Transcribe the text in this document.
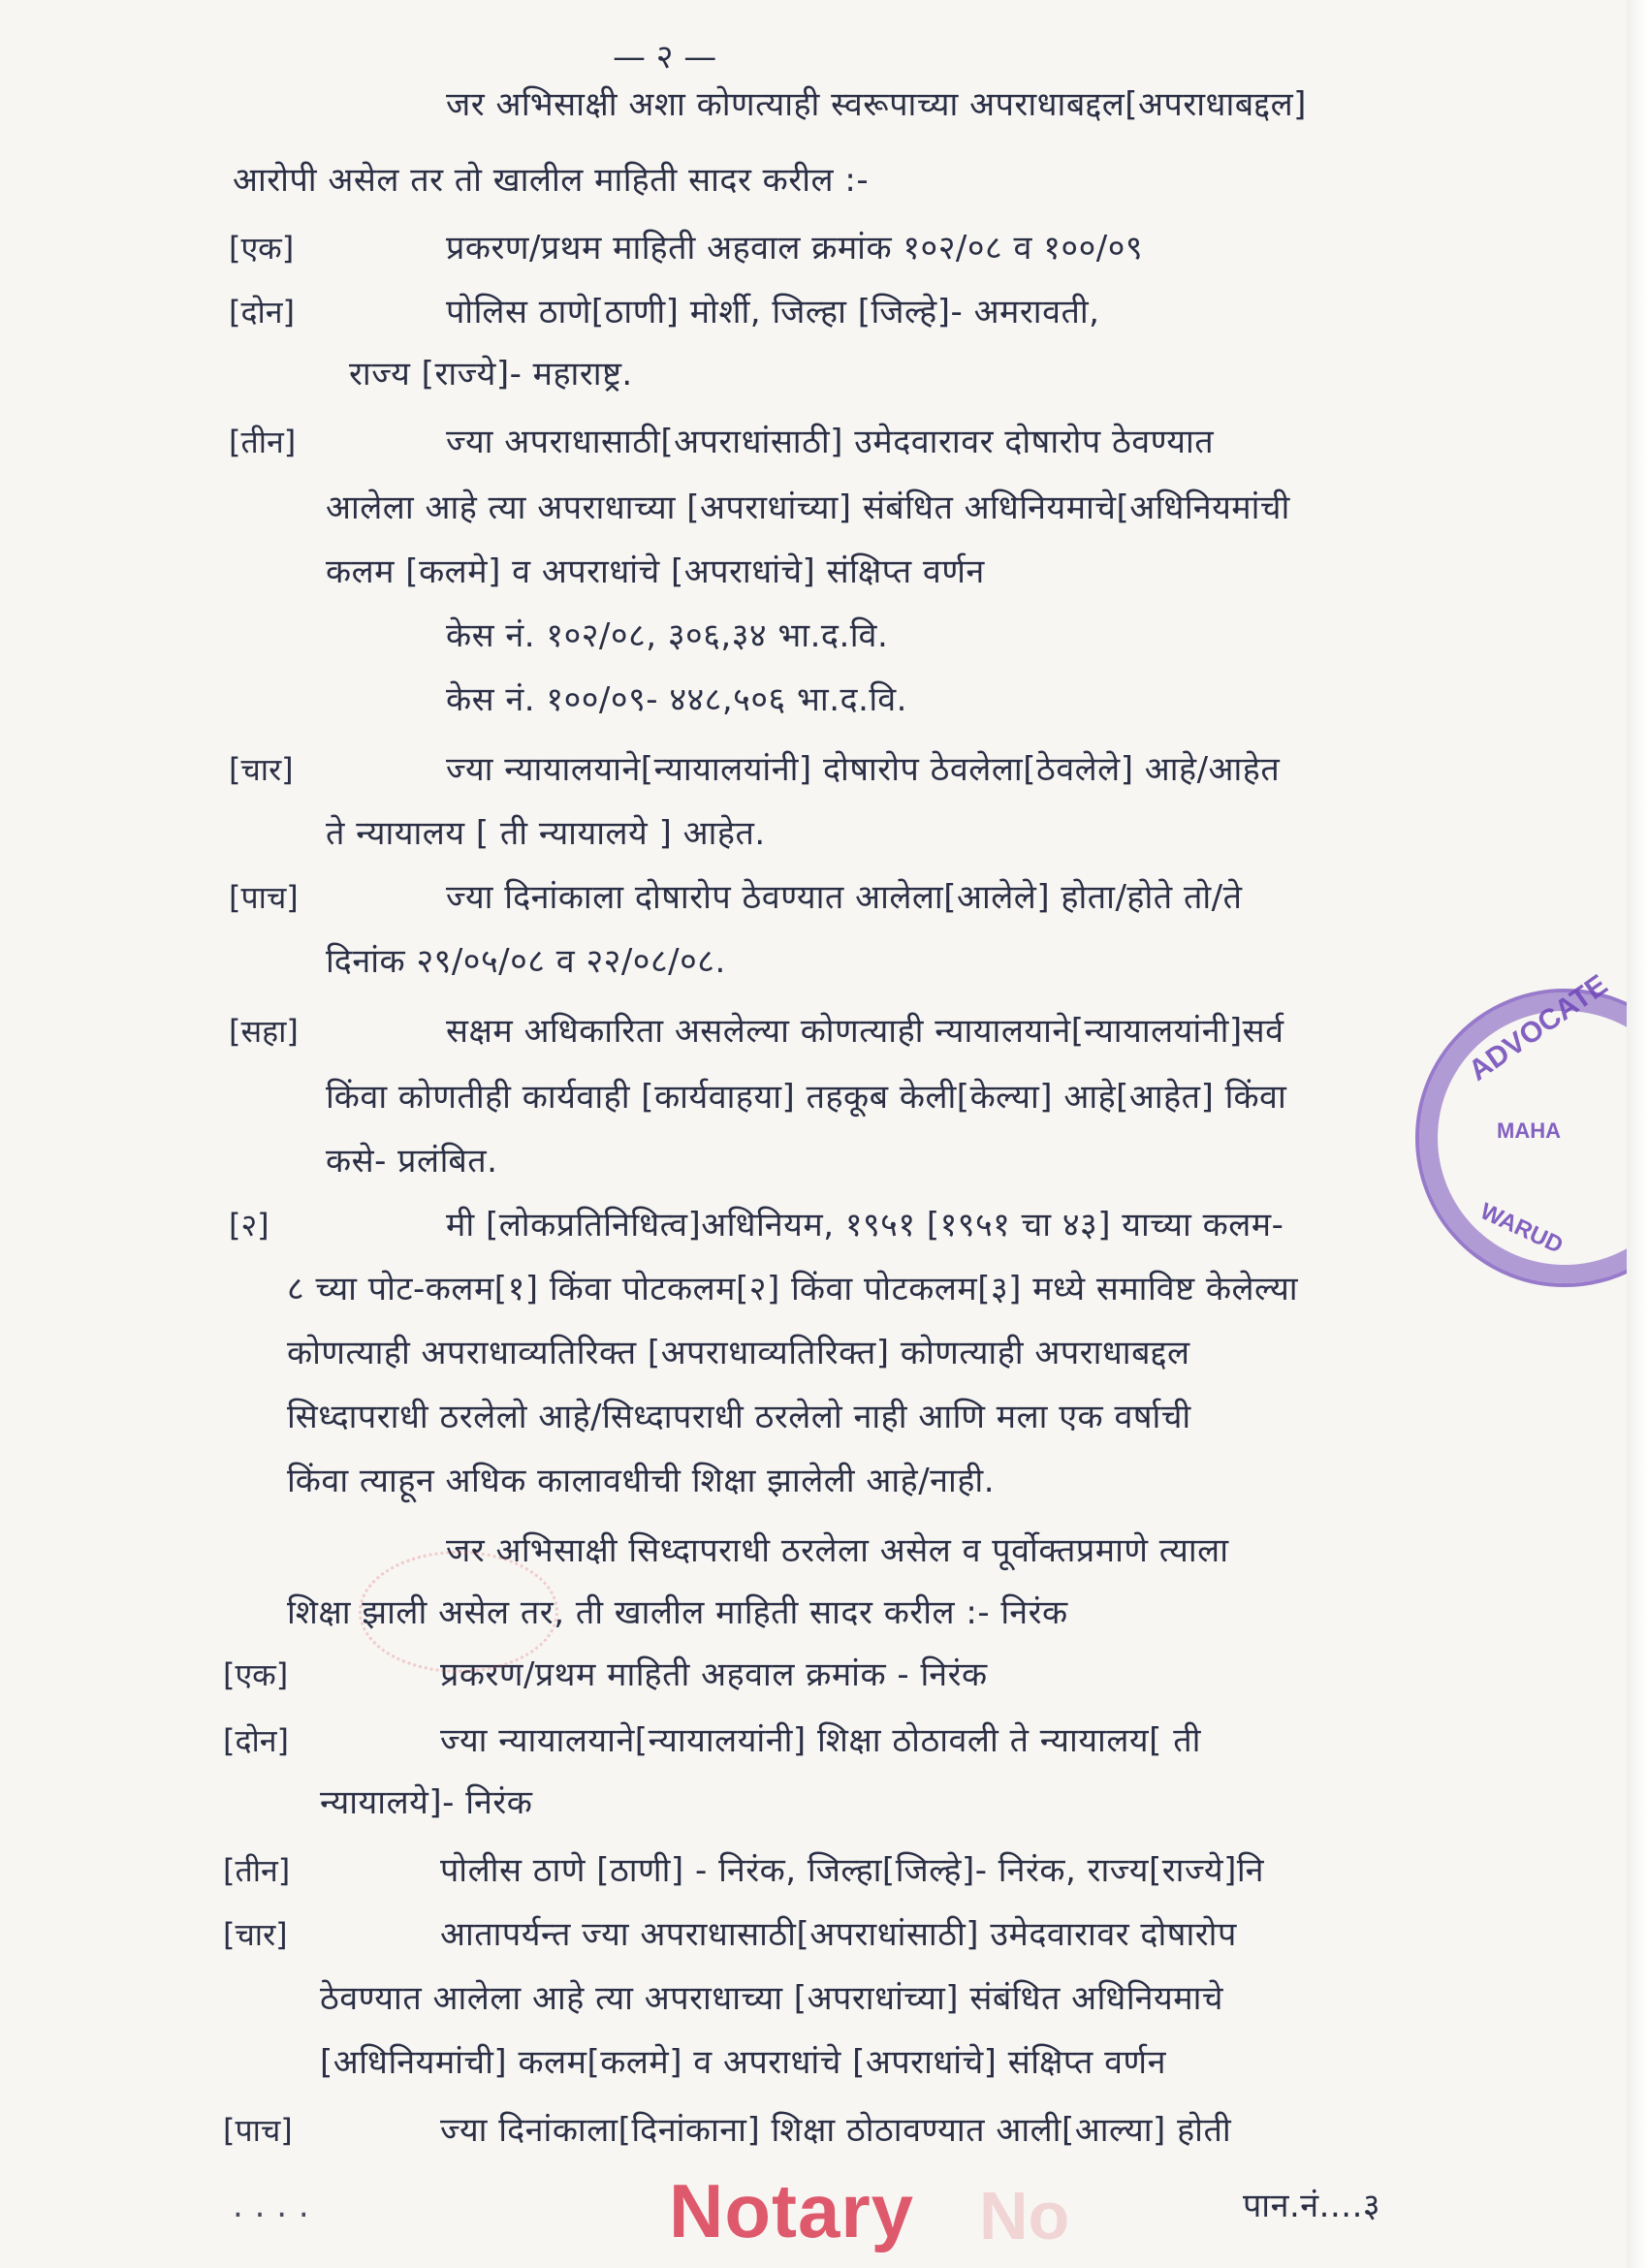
— २ —
जर अभिसाक्षी अशा कोणत्याही स्वरूपाच्या अपराधाबद्दल[अपराधाबद्दल]
आरोपी असेल तर तो खालील माहिती सादर करील :-
[एक]	प्रकरण/प्रथम माहिती अहवाल क्रमांक १०२/०८ व १००/०९
[दोन]	पोलिस ठाणे[ठाणी] मोर्शी, जिल्हा [जिल्हे]- अमरावती,
राज्य [राज्ये]- महाराष्ट्र.
[तीन]	ज्या अपराधासाठी[अपराधांसाठी] उमेदवारावर दोषारोप ठेवण्यात
आलेला आहे त्या अपराधाच्या [अपराधांच्या] संबंधित अधिनियमाचे[अधिनियमांची
कलम [कलमे] व अपराधांचे [अपराधांचे] संक्षिप्त वर्णन
केस नं. १०२/०८, ३०६,३४ भा.द.वि.
केस नं. १००/०९- ४४८,५०६ भा.द.वि.
[चार]	ज्या न्यायालयाने[न्यायालयांनी] दोषारोप ठेवलेला[ठेवलेले] आहे/आहेत
ते न्यायालय [ ती न्यायालये ] आहेत.
[पाच]	ज्या दिनांकाला दोषारोप ठेवण्यात आलेला[आलेले] होता/होते तो/ते
दिनांक २९/०५/०८ व २२/०८/०८.
[सहा]	सक्षम अधिकारिता असलेल्या कोणत्याही न्यायालयाने[न्यायालयांनी]सर्व
किंवा कोणतीही कार्यवाही [कार्यवाहया] तहकूब केली[केल्या] आहे[आहेत] किंवा
कसे- प्रलंबित.
[२]	मी [लोकप्रतिनिधित्व]अधिनियम, १९५१ [१९५१ चा ४३] याच्या कलम-
८ च्या पोट-कलम[१] किंवा पोटकलम[२] किंवा पोटकलम[३] मध्ये समाविष्ट केलेल्या
कोणत्याही अपराधाव्यतिरिक्त [अपराधाव्यतिरिक्त] कोणत्याही अपराधाबद्दल
सिध्दापराधी ठरलेलो आहे/सिध्दापराधी ठरलेलो नाही आणि मला एक वर्षाची
किंवा त्याहून अधिक कालावधीची शिक्षा झालेली आहे/नाही.
जर अभिसाक्षी सिध्दापराधी ठरलेला असेल व पूर्वोक्तप्रमाणे त्याला
शिक्षा झाली असेल तर, ती खालील माहिती सादर करील :- निरंक
[एक]	प्रकरण/प्रथम माहिती अहवाल क्रमांक - निरंक
[दोन]	ज्या न्यायालयाने[न्यायालयांनी] शिक्षा ठोठावली ते न्यायालय[ ती
न्यायालये]- निरंक
[तीन]	पोलीस ठाणे [ठाणी] - निरंक, जिल्हा[जिल्हे]- निरंक, राज्य[राज्ये]नि
[चार]	आतापर्यन्त ज्या अपराधासाठी[अपराधांसाठी] उमेदवारावर दोषारोप
ठेवण्यात आलेला आहे त्या अपराधाच्या [अपराधांच्या] संबंधित अधिनियमाचे
[अधिनियमांची] कलम[कलमे] व अपराधांचे [अपराधांचे] संक्षिप्त वर्णन
[पाच]	ज्या दिनांकाला[दिनांकाना] शिक्षा ठोठावण्यात आली[आल्या] होती
. . . .	पान.नं....३
Notary No
ADVOCATE
MAHA
WARUD
